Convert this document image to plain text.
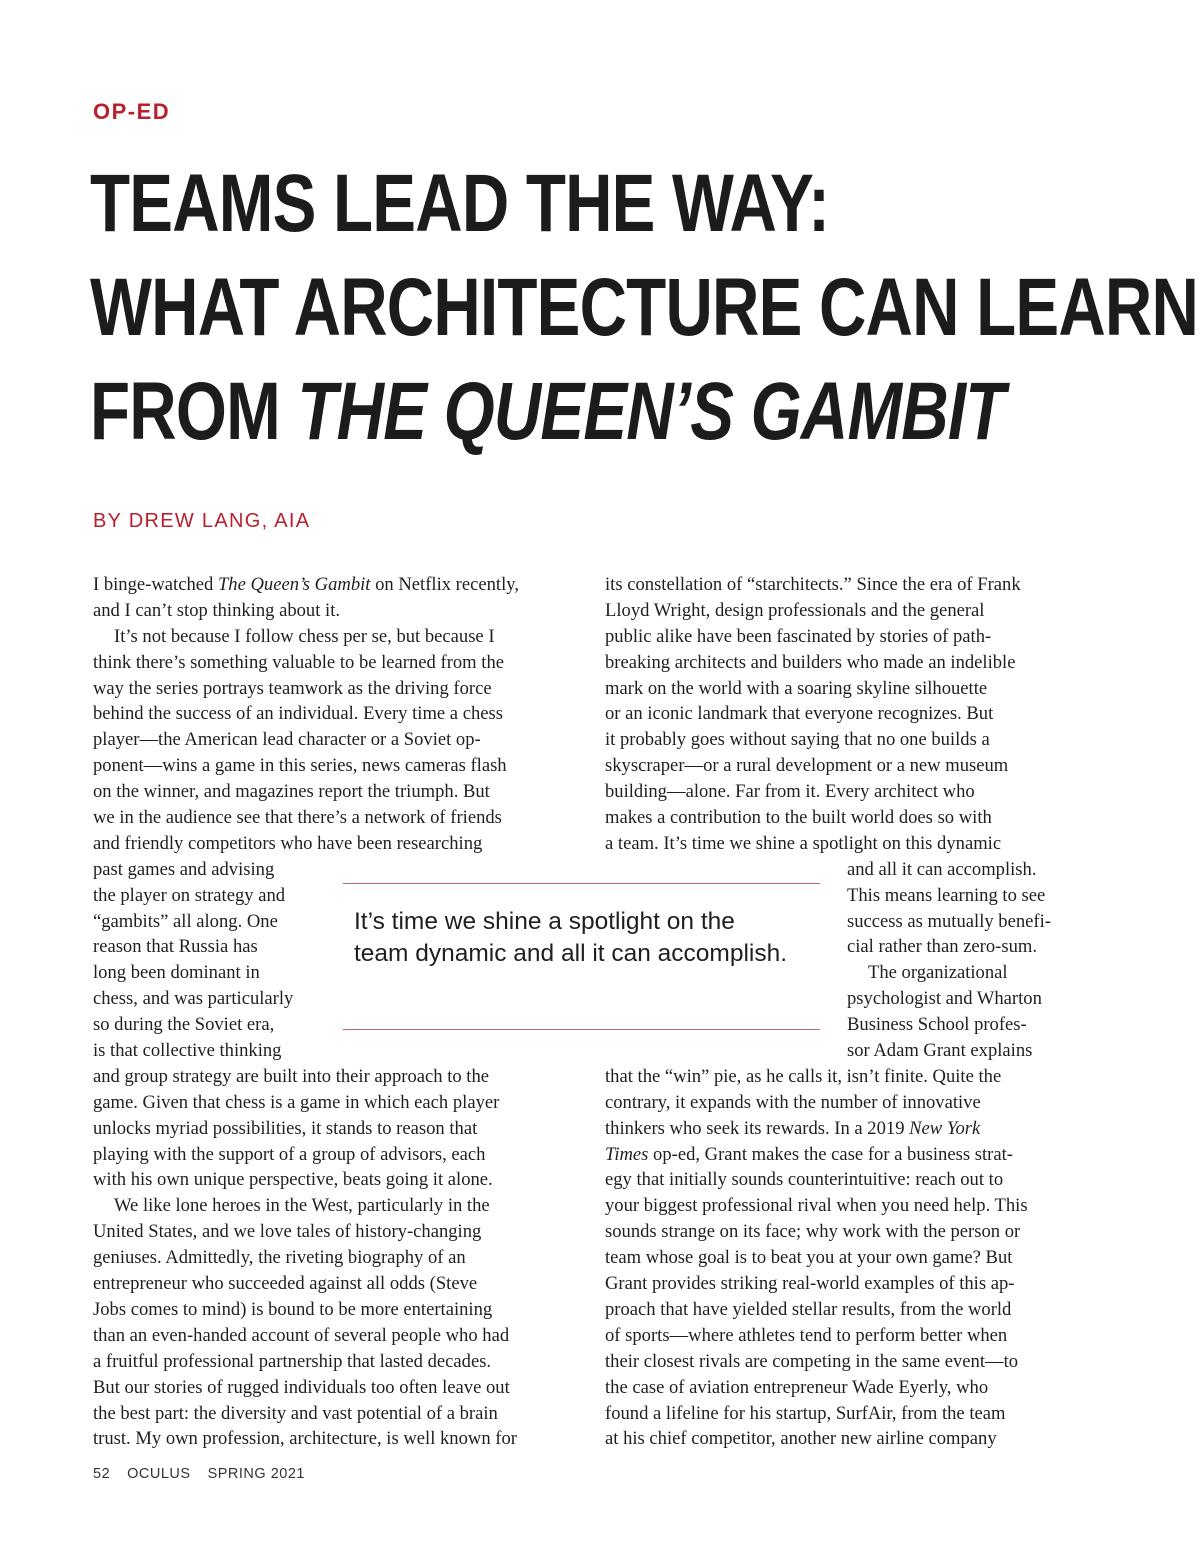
OP-ED
TEAMS LEAD THE WAY:
WHAT ARCHITECTURE CAN LEARN
FROM THE QUEEN’S GAMBIT
BY DREW LANG, AIA
I binge-watched The Queen’s Gambit on Netflix recently,
and I can’t stop thinking about it.
It’s not because I follow chess per se, but because I
think there’s something valuable to be learned from the
way the series portrays teamwork as the driving force
behind the success of an individual. Every time a chess
player—the American lead character or a Soviet op-
ponent—wins a game in this series, news cameras flash
on the winner, and magazines report the triumph. But
we in the audience see that there’s a network of friends
and friendly competitors who have been researching
past games and advising
the player on strategy and
“gambits” all along. One
reason that Russia has
long been dominant in
chess, and was particularly
so during the Soviet era,
is that collective thinking
and group strategy are built into their approach to the
game. Given that chess is a game in which each player
unlocks myriad possibilities, it stands to reason that
playing with the support of a group of advisors, each
with his own unique perspective, beats going it alone.
We like lone heroes in the West, particularly in the
United States, and we love tales of history-changing
geniuses. Admittedly, the riveting biography of an
entrepreneur who succeeded against all odds (Steve
Jobs comes to mind) is bound to be more entertaining
than an even-handed account of several people who had
a fruitful professional partnership that lasted decades.
But our stories of rugged individuals too often leave out
the best part: the diversity and vast potential of a brain
trust. My own profession, architecture, is well known for
its constellation of “starchitects.” Since the era of Frank
Lloyd Wright, design professionals and the general
public alike have been fascinated by stories of path-
breaking architects and builders who made an indelible
mark on the world with a soaring skyline silhouette
or an iconic landmark that everyone recognizes. But
it probably goes without saying that no one builds a
skyscraper—or a rural development or a new museum
building—alone. Far from it. Every architect who
makes a contribution to the built world does so with
a team. It’s time we shine a spotlight on this dynamic
and all it can accomplish.
This means learning to see
success as mutually benefi-
cial rather than zero-sum.
The organizational
psychologist and Wharton
Business School profes-
sor Adam Grant explains
that the “win” pie, as he calls it, isn’t finite. Quite the
contrary, it expands with the number of innovative
thinkers who seek its rewards. In a 2019 New York
Times op-ed, Grant makes the case for a business strat-
egy that initially sounds counterintuitive: reach out to
your biggest professional rival when you need help. This
sounds strange on its face; why work with the person or
team whose goal is to beat you at your own game? But
Grant provides striking real-world examples of this ap-
proach that have yielded stellar results, from the world
of sports—where athletes tend to perform better when
their closest rivals are competing in the same event—to
the case of aviation entrepreneur Wade Eyerly, who
found a lifeline for his startup, SurfAir, from the team
at his chief competitor, another new airline company
It’s time we shine a spotlight on the team dynamic and all it can accomplish.
52 OCULUS SPRING 2021
